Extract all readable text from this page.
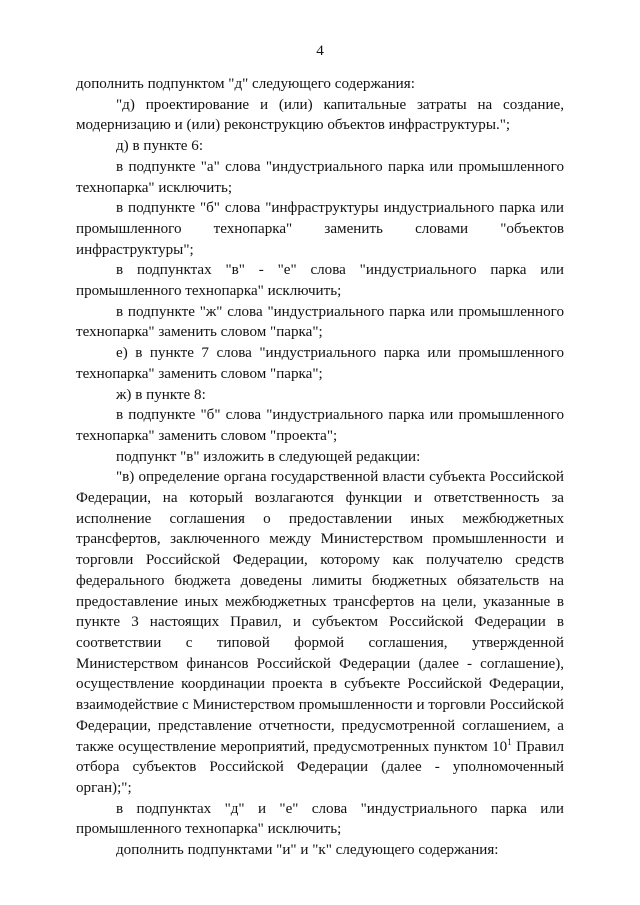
4

дополнить подпунктом "д" следующего содержания:

"д) проектирование и (или) капитальные затраты на создание, модернизацию и (или) реконструкцию объектов инфраструктуры.";

д) в пункте 6:

в подпункте "а" слова "индустриального парка или промышленного технопарка" исключить;

в подпункте "б" слова "инфраструктуры индустриального парка или промышленного технопарка" заменить словами "объектов инфраструктуры";

в подпунктах "в" - "е" слова "индустриального парка или промышленного технопарка" исключить;

в подпункте "ж" слова "индустриального парка или промышленного технопарка" заменить словом "парка";

е) в пункте 7 слова "индустриального парка или промышленного технопарка" заменить словом "парка";

ж) в пункте 8:

в подпункте "б" слова "индустриального парка или промышленного технопарка" заменить словом "проекта";

подпункт "в" изложить в следующей редакции:

"в) определение органа государственной власти субъекта Российской Федерации, на который возлагаются функции и ответственность за исполнение соглашения о предоставлении иных межбюджетных трансфертов, заключенного между Министерством промышленности и торговли Российской Федерации, которому как получателю средств федерального бюджета доведены лимиты бюджетных обязательств на предоставление иных межбюджетных трансфертов на цели, указанные в пункте 3 настоящих Правил, и субъектом Российской Федерации в соответствии с типовой формой соглашения, утвержденной Министерством финансов Российской Федерации (далее - соглашение), осуществление координации проекта в субъекте Российской Федерации, взаимодействие с Министерством промышленности и торговли Российской Федерации, представление отчетности, предусмотренной соглашением, а также осуществление мероприятий, предусмотренных пунктом $10^1$ Правил отбора субъектов Российской Федерации (далее - уполномоченный орган);";

в подпунктах "д" и "е" слова "индустриального парка или промышленного технопарка" исключить;

дополнить подпунктами "и" и "к" следующего содержания:
